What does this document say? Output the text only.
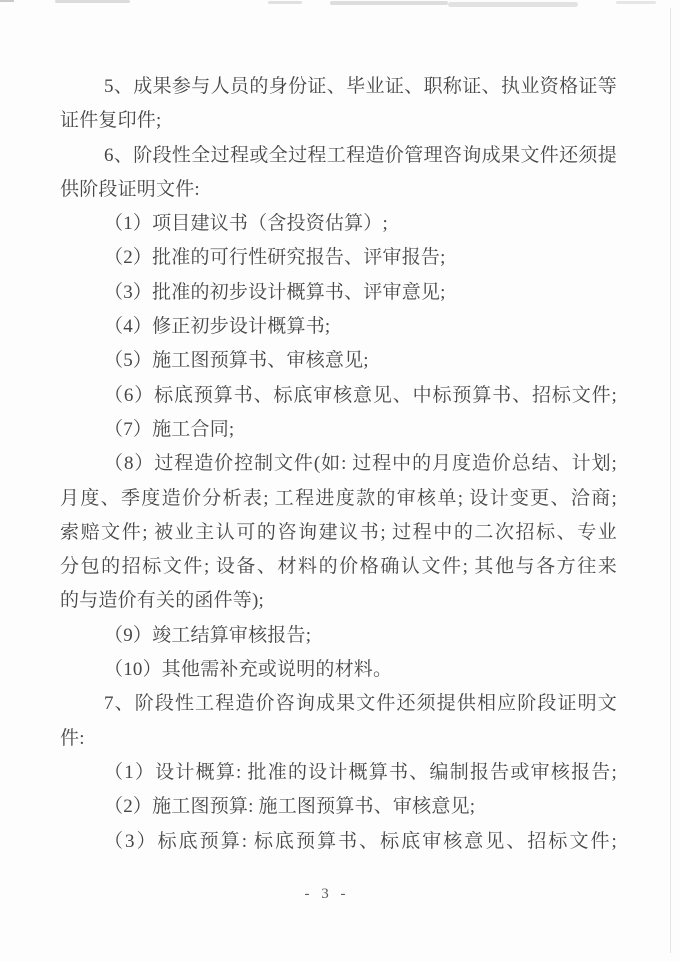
5、成果参与人员的身份证、毕业证、职称证、执业资格证等
证件复印件;
6、阶段性全过程或全过程工程造价管理咨询成果文件还须提
供阶段证明文件:
（1）项目建议书（含投资估算）;
（2）批准的可行性研究报告、评审报告;
（3）批准的初步设计概算书、评审意见;
（4）修正初步设计概算书;
（5）施工图预算书、审核意见;
（6）标底预算书、标底审核意见、中标预算书、招标文件;
（7）施工合同;
（8）过程造价控制文件(如: 过程中的月度造价总结、计划;
月度、季度造价分析表; 工程进度款的审核单; 设计变更、洽商;
索赔文件; 被业主认可的咨询建议书; 过程中的二次招标、专业
分包的招标文件; 设备、材料的价格确认文件; 其他与各方往来
的与造价有关的函件等);
（9）竣工结算审核报告;
（10）其他需补充或说明的材料。
7、阶段性工程造价咨询成果文件还须提供相应阶段证明文
件:
（1）设计概算: 批准的设计概算书、编制报告或审核报告;
（2）施工图预算: 施工图预算书、审核意见;
（3）标底预算: 标底预算书、标底审核意见、招标文件;
- 3 -
